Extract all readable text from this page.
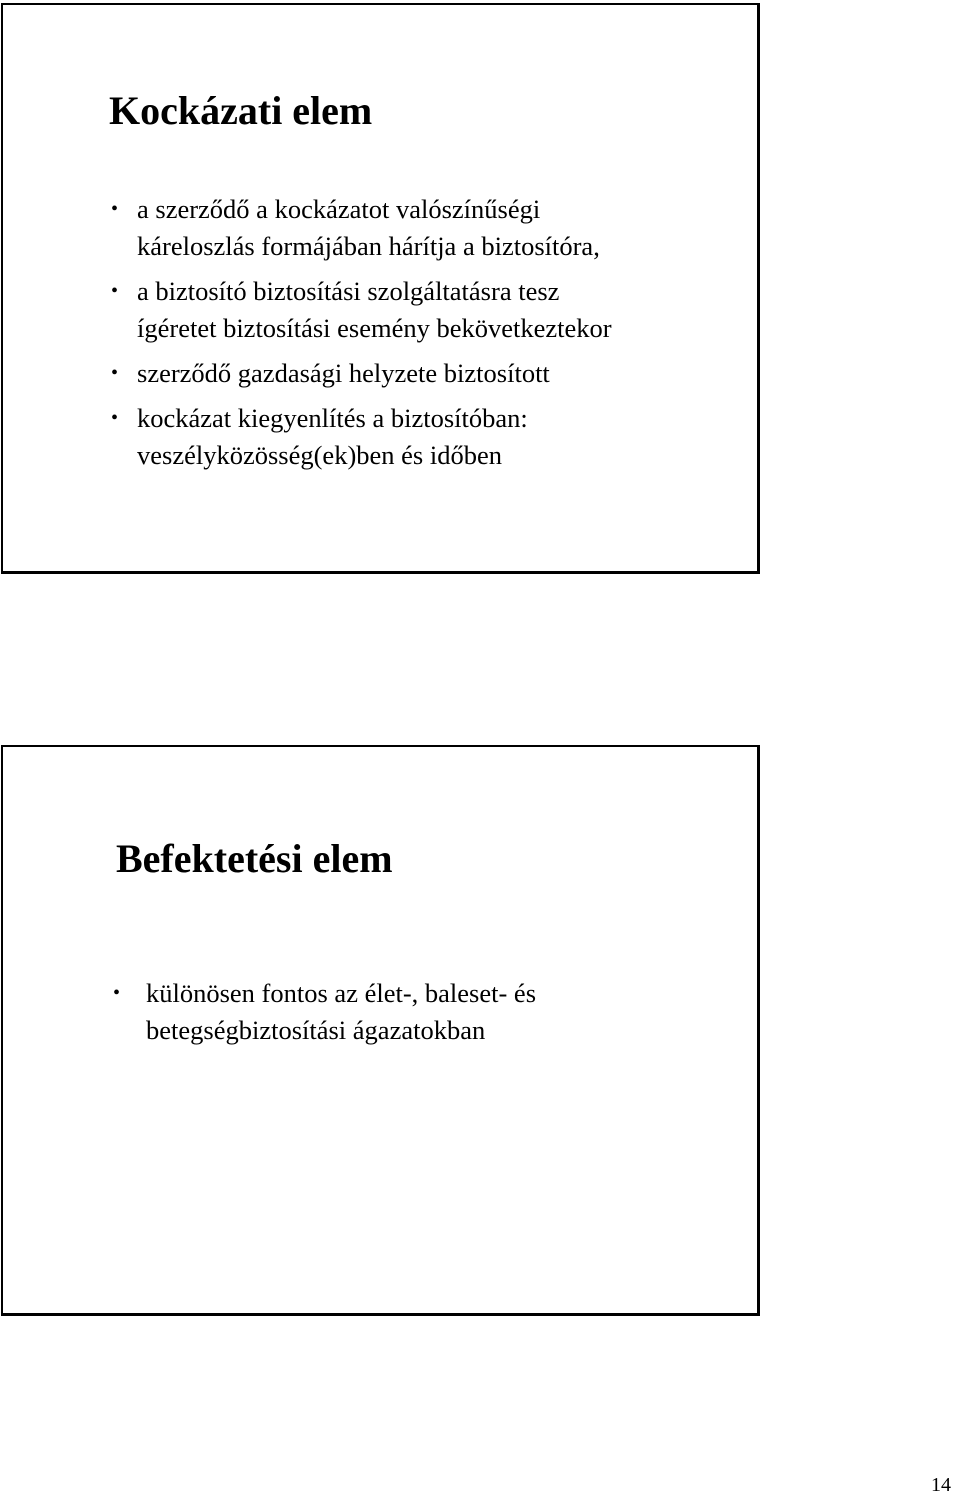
Kockázati elem
• a szerződő a kockázatot valószínűségi
káreloszlás formájában hárítja a biztosítóra,
• a biztosító biztosítási szolgáltatásra tesz
ígéretet biztosítási esemény bekövetkeztekor
• szerződő gazdasági helyzete biztosított
• kockázat kiegyenlítés a biztosítóban:
veszélyközösség(ek)ben és időben
Befektetési elem
• különösen fontos az élet-, baleset- és
betegségbiztosítási ágazatokban
14
